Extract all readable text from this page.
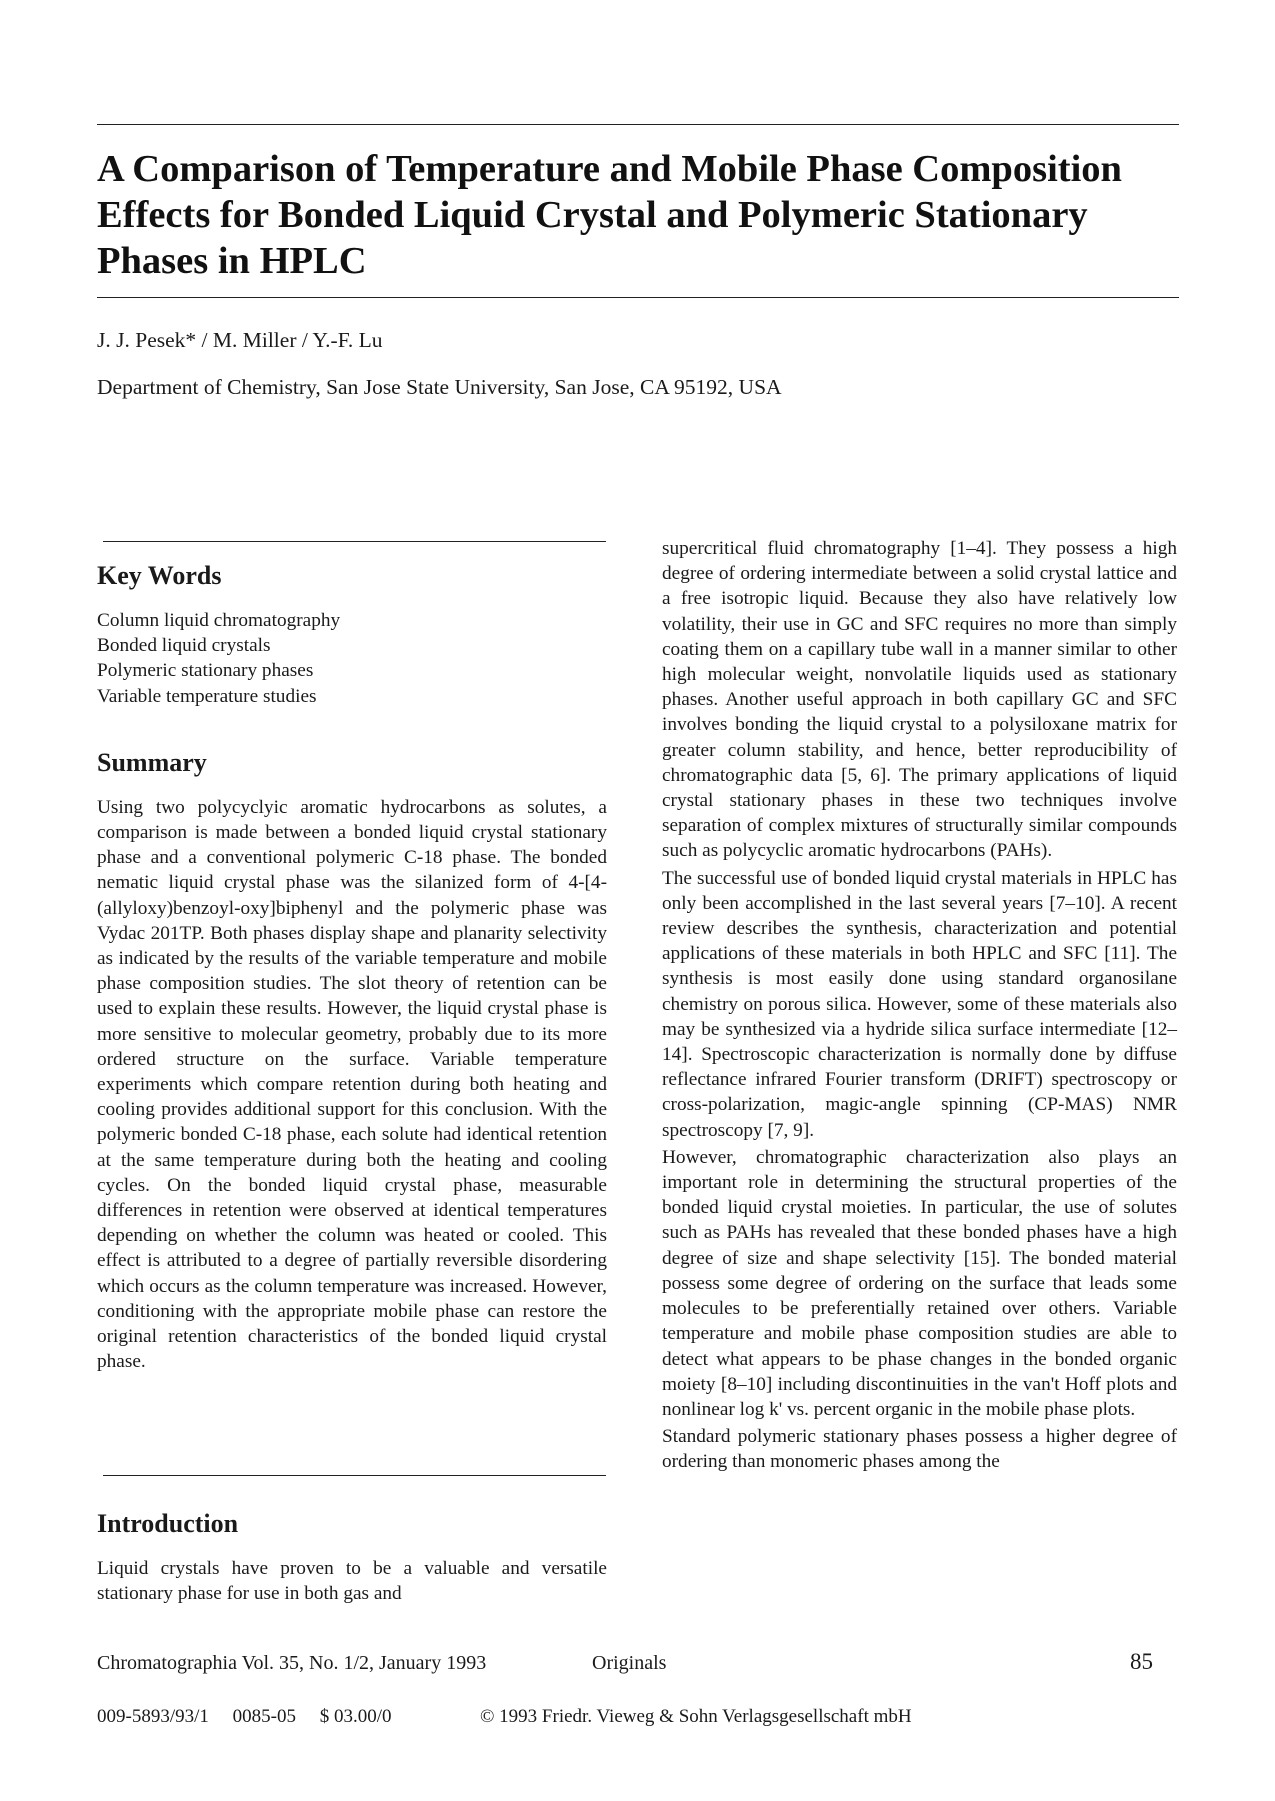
A Comparison of Temperature and Mobile Phase Composition Effects for Bonded Liquid Crystal and Polymeric Stationary Phases in HPLC

J. J. Pesek* / M. Miller / Y.-F. Lu

Department of Chemistry, San Jose State University, San Jose, CA 95192, USA

Key Words
Column liquid chromatography
Bonded liquid crystals
Polymeric stationary phases
Variable temperature studies
Summary

Using two polycyclyic aromatic hydrocarbons as solutes, a comparison is made between a bonded liquid crystal stationary phase and a conventional polymeric C-18 phase. The bonded nematic liquid crystal phase was the silanized form of 4-[4-(allyloxy)benzoyl-oxy]biphenyl and the polymeric phase was Vydac 201TP. Both phases display shape and planarity selectivity as indicated by the results of the variable temperature and mobile phase composition studies. The slot theory of retention can be used to explain these results. However, the liquid crystal phase is more sensitive to molecular geometry, probably due to its more ordered structure on the surface. Variable temperature experiments which compare retention during both heating and cooling provides additional support for this conclusion. With the polymeric bonded C-18 phase, each solute had identical retention at the same temperature during both the heating and cooling cycles. On the bonded liquid crystal phase, measurable differences in retention were observed at identical temperatures depending on whether the column was heated or cooled. This effect is attributed to a degree of partially reversible disordering which occurs as the column temperature was increased. However, conditioning with the appropriate mobile phase can restore the original retention characteristics of the bonded liquid crystal phase.

Introduction

Liquid crystals have proven to be a valuable and versatile stationary phase for use in both gas and

supercritical fluid chromatography [1–4]. They possess a high degree of ordering intermediate between a solid crystal lattice and a free isotropic liquid. Because they also have relatively low volatility, their use in GC and SFC requires no more than simply coating them on a capillary tube wall in a manner similar to other high molecular weight, nonvolatile liquids used as stationary phases. Another useful approach in both capillary GC and SFC involves bonding the liquid crystal to a polysiloxane matrix for greater column stability, and hence, better reproducibility of chromatographic data [5, 6]. The primary applications of liquid crystal stationary phases in these two techniques involve separation of complex mixtures of structurally similar compounds such as polycyclic aromatic hydrocarbons (PAHs).

The successful use of bonded liquid crystal materials in HPLC has only been accomplished in the last several years [7–10]. A recent review describes the synthesis, characterization and potential applications of these materials in both HPLC and SFC [11]. The synthesis is most easily done using standard organosilane chemistry on porous silica. However, some of these materials also may be synthesized via a hydride silica surface intermediate [12–14]. Spectroscopic characterization is normally done by diffuse reflectance infrared Fourier transform (DRIFT) spectroscopy or cross-polarization, magic-angle spinning (CP-MAS) NMR spectroscopy [7, 9].

However, chromatographic characterization also plays an important role in determining the structural properties of the bonded liquid crystal moieties. In particular, the use of solutes such as PAHs has revealed that these bonded phases have a high degree of size and shape selectivity [15]. The bonded material possess some degree of ordering on the surface that leads some molecules to be preferentially retained over others. Variable temperature and mobile phase composition studies are able to detect what appears to be phase changes in the bonded organic moiety [8–10] including discontinuities in the van't Hoff plots and nonlinear log k' vs. percent organic in the mobile phase plots.

Standard polymeric stationary phases possess a higher degree of ordering than monomeric phases among the

Chromatographia Vol. 35, No. 1/2, January 1993	Originals	85
009-5893/93/1     0085-05     $ 03.00/0	© 1993 Friedr. Vieweg & Sohn Verlagsgesellschaft mbH
